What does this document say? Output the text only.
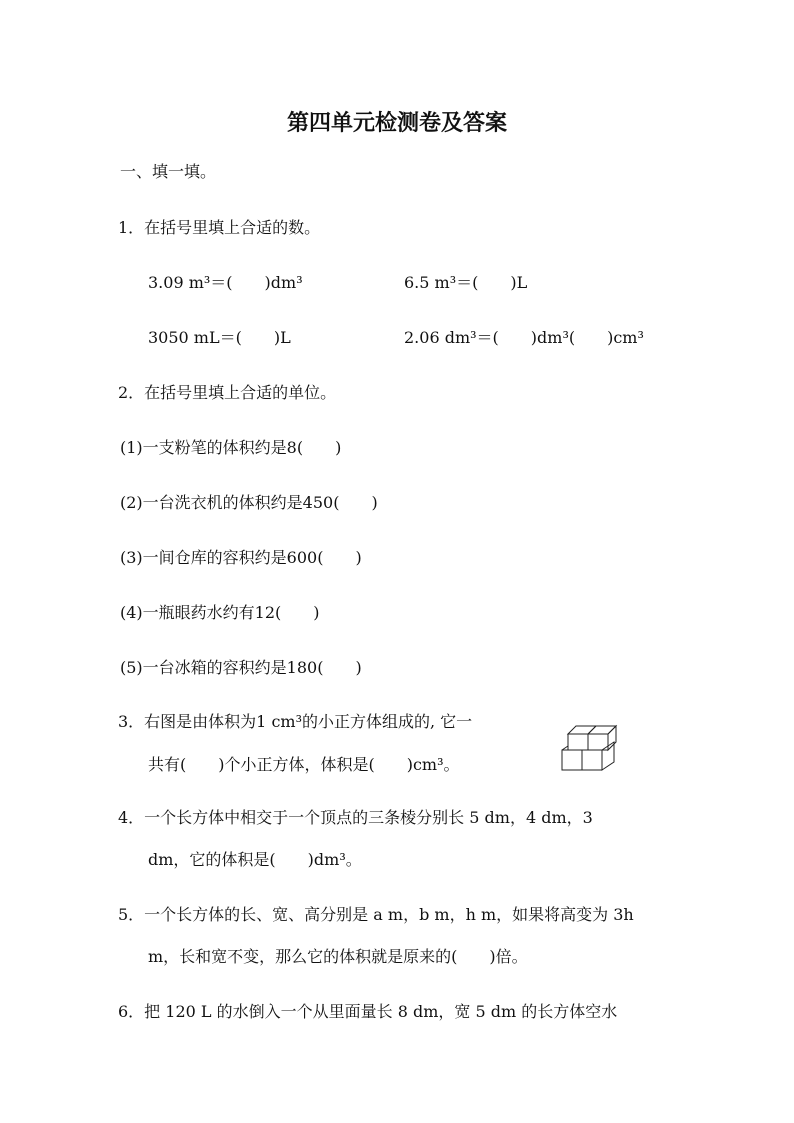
第四单元检测卷及答案
一、填一填。
1．在括号里填上合适的数。
3.09 m³＝(　　)dm³	6.5 m³＝(　　)L
3050 mL＝(　　)L	2.06 dm³＝(　　)dm³(　　)cm³
2．在括号里填上合适的单位。
(1)一支粉笔的体积约是8(　　)
(2)一台洗衣机的体积约是450(　　)
(3)一间仓库的容积约是600(　　)
(4)一瓶眼药水约有12(　　)
(5)一台冰箱的容积约是180(　　)
3．右图是由体积为1 cm³的小正方体组成的, 它一
共有(　　)个小正方体，体积是(　　)cm³。
4．一个长方体中相交于一个顶点的三条棱分别长 5 dm，4 dm，3
dm，它的体积是(　　)dm³。
5．一个长方体的长、宽、高分别是 a m，b m，h m，如果将高变为 3h
m，长和宽不变，那么它的体积就是原来的(　　)倍。
6．把 120 L 的水倒入一个从里面量长 8 dm，宽 5 dm 的长方体空水
